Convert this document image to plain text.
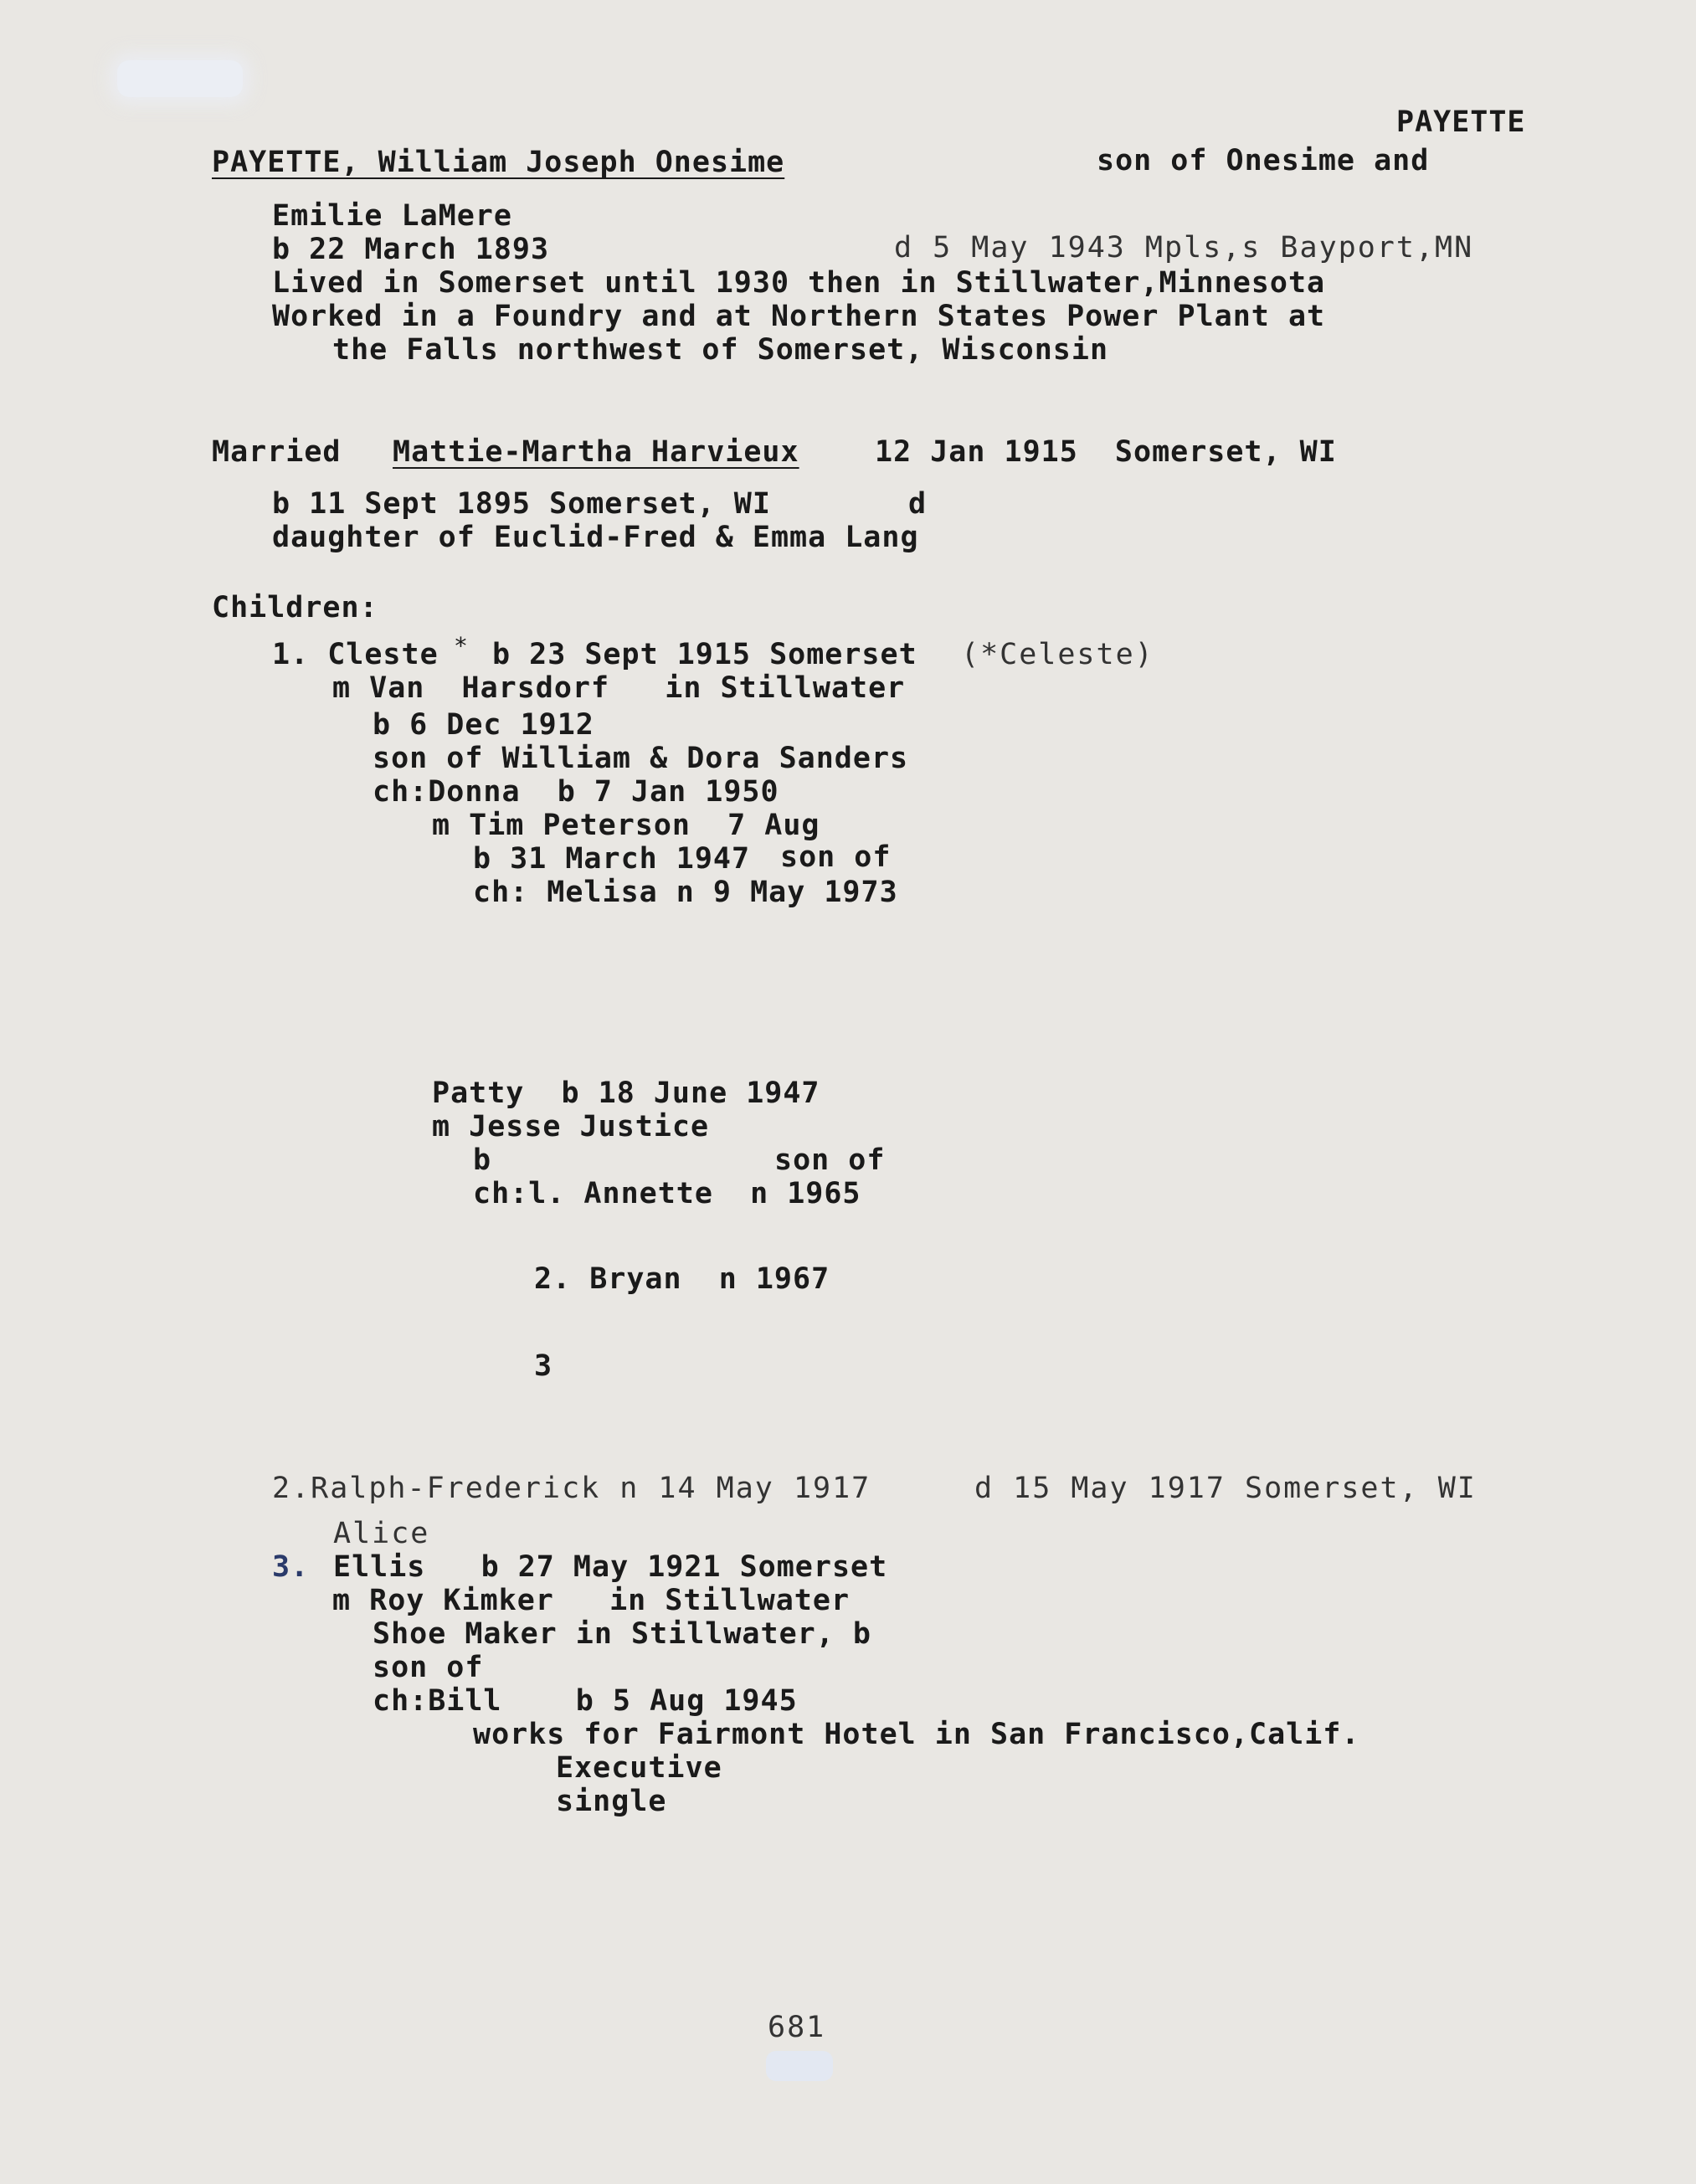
PAYETTE
PAYETTE, William Joseph Onesime	son of Onesime and
Emilie LaMere
b 22 March 1893	d 5 May 1943 Mpls,s Bayport,MN
Lived in Somerset until 1930 then in Stillwater,Minnesota
Worked in a Foundry and at Northern States Power Plant at
the Falls northwest of Somerset, Wisconsin
Married Mattie-Martha Harvieux	12 Jan 1915  Somerset, WI
b 11 Sept 1895 Somerset, WI	d
daughter of Euclid-Fred & Emma Lang
Children:
1. Cleste * b 23 Sept 1915 Somerset (*Celeste)
m Van  Harsdorf   in Stillwater
b 6 Dec 1912
son of William & Dora Sanders
ch:Donna  b 7 Jan 1950
m Tim Peterson  7 Aug
b 31 March 1947 son of
ch: Melisa n 9 May 1973
Patty  b 18 June 1947
m Jesse Justice
b	son of
ch:l. Annette  n 1965
2. Bryan  n 1967
3
2.Ralph-Frederick n 14 May 1917	d 15 May 1917 Somerset, WI
Alice
3. Ellis   b 27 May 1921 Somerset
m Roy Kimker   in Stillwater
Shoe Maker in Stillwater, b
son of
ch:Bill    b 5 Aug 1945
works for Fairmont Hotel in San Francisco,Calif.
Executive
single
681
